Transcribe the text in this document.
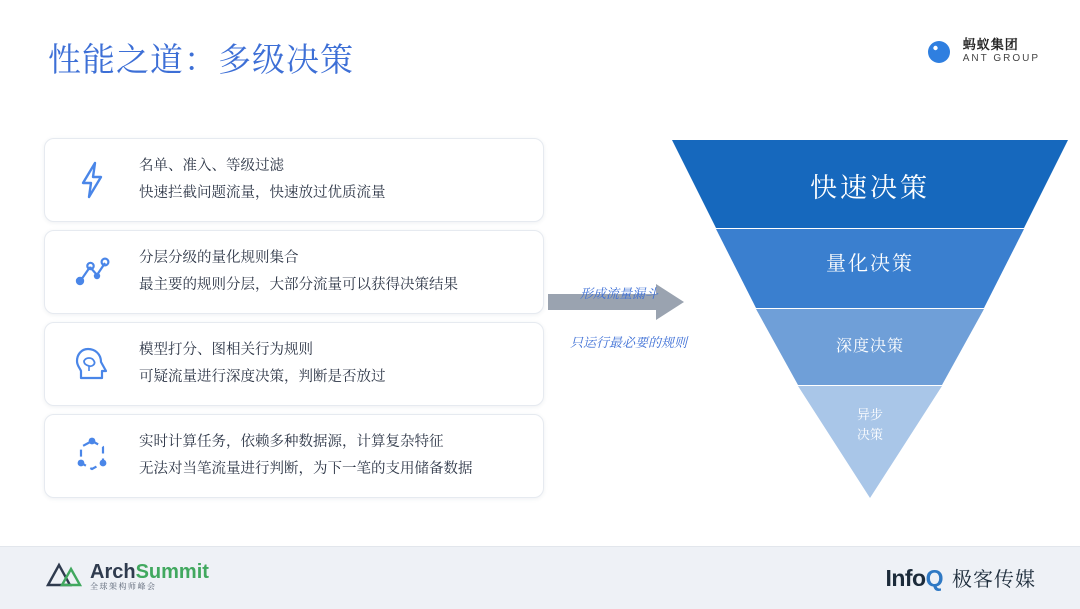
性能之道：多级决策	蚂蚁集团
ANT GROUP
名单、准入、等级过滤
快速拦截问题流量，快速放过优质流量
分层分级的量化规则集合
最主要的规则分层，大部分流量可以获得决策结果
模型打分、图相关行为规则
可疑流量进行深度决策，判断是否放过
实时计算任务，依赖多种数据源，计算复杂特征
无法对当笔流量进行判断，为下一笔的支用储备数据
形成流量漏斗
只运行最必要的规则
快速决策
量化决策
深度决策
异步
决策
ArchSummit
全球架构师峰会	InfoQ 极客传媒
